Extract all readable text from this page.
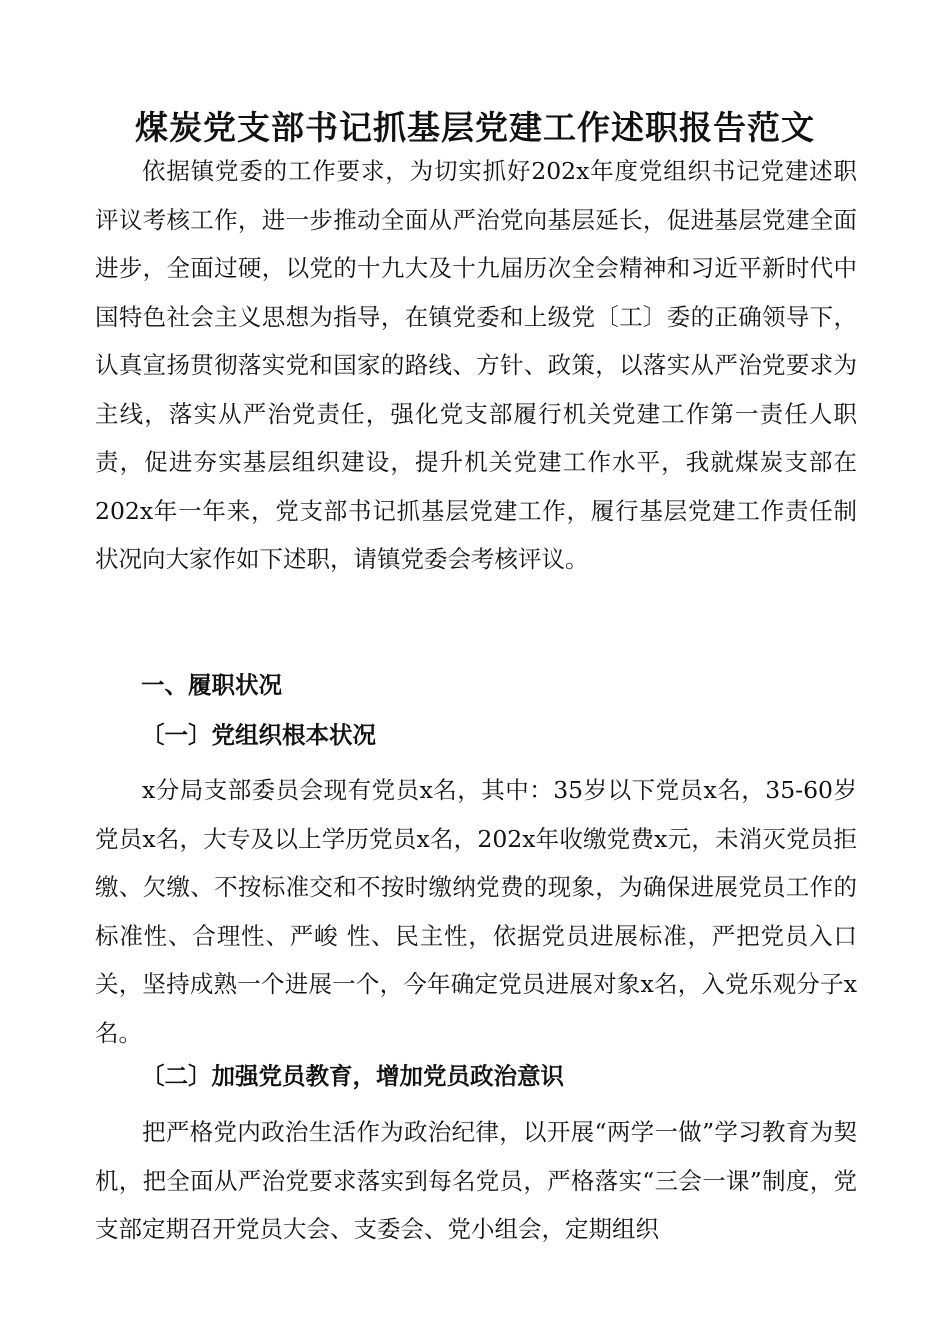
煤炭党支部书记抓基层党建工作述职报告范文

依据镇党委的工作要求，为切实抓好202x年度党组织书记党建述职评议考核工作，进一步推动全面从严治党向基层延长，促进基层党建全面进步，全面过硬，以党的十九大及十九届历次全会精神和习近平新时代中国特色社会主义思想为指导，在镇党委和上级党〔工〕委的正确领导下，认真宣扬贯彻落实党和国家的路线、方针、政策，以落实从严治党要求为主线，落实从严治党责任，强化党支部履行机关党建工作第一责任人职责，促进夯实基层组织建设，提升机关党建工作水平，我就煤炭支部在202x年一年来，党支部书记抓基层党建工作，履行基层党建工作责任制状况向大家作如下述职，请镇党委会考核评议。

一、履职状况
〔一〕党组织根本状况

x分局支部委员会现有党员x名，其中：35岁以下党员x名，35-60岁党员x名，大专及以上学历党员x名，202x年收缴党费x元，未消灭党员拒缴、欠缴、不按标准交和不按时缴纳党费的现象，为确保进展党员工作的标准性、合理性、严峻 性、民主性，依据党员进展标准，严把党员入口关，坚持成熟一个进展一个，今年确定党员进展对象x名，入党乐观分子x名。

〔二〕加强党员教育，增加党员政治意识

把严格党内政治生活作为政治纪律，以开展“两学一做”学习教育为契机，把全面从严治党要求落实到每名党员，严格落实“三会一课”制度，党支部定期召开党员大会、支委会、党小组会，定期组织
